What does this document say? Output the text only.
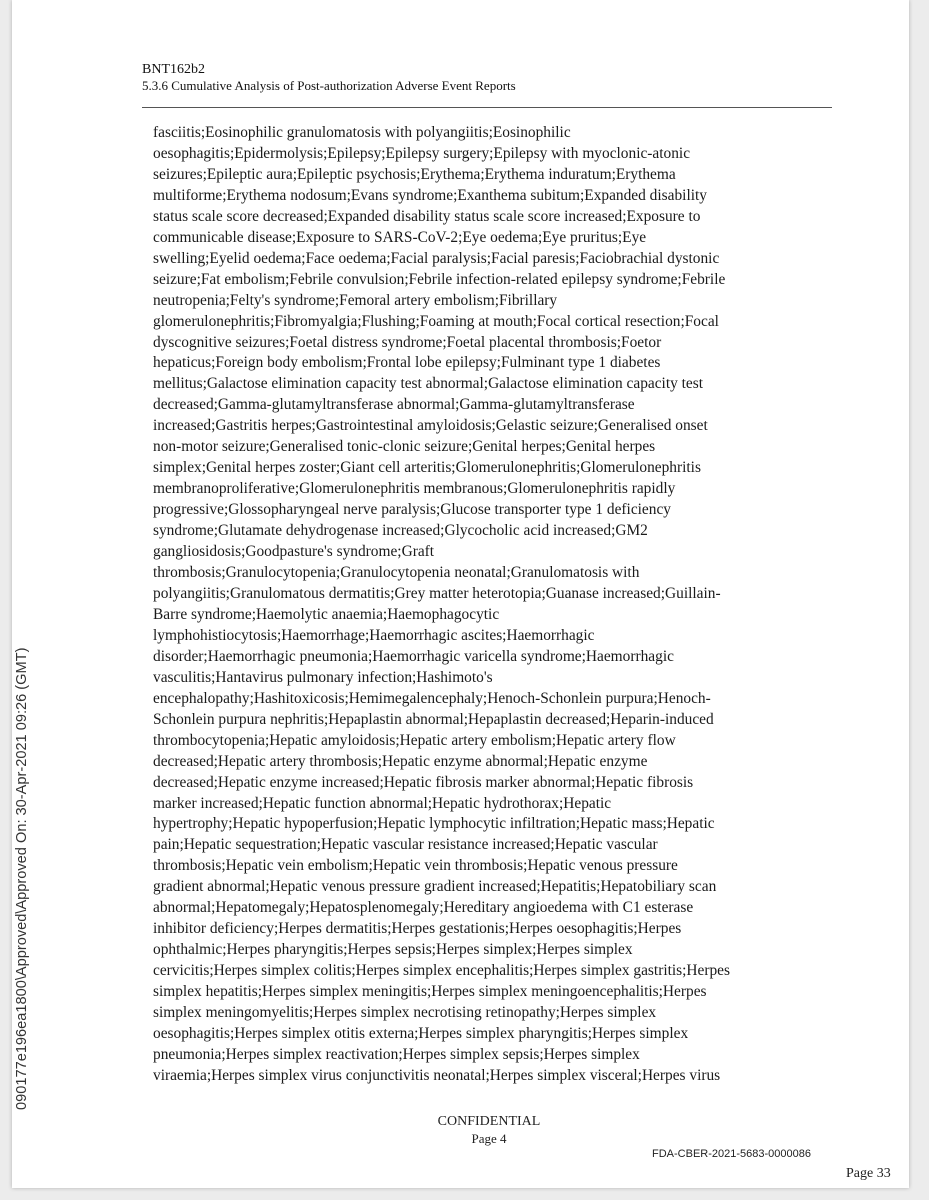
BNT162b2
5.3.6 Cumulative Analysis of Post-authorization Adverse Event Reports
fasciitis;Eosinophilic granulomatosis with polyangiitis;Eosinophilic
oesophagitis;Epidermolysis;Epilepsy;Epilepsy surgery;Epilepsy with myoclonic-atonic
seizures;Epileptic aura;Epileptic psychosis;Erythema;Erythema induratum;Erythema
multiforme;Erythema nodosum;Evans syndrome;Exanthema subitum;Expanded disability
status scale score decreased;Expanded disability status scale score increased;Exposure to
communicable disease;Exposure to SARS-CoV-2;Eye oedema;Eye pruritus;Eye
swelling;Eyelid oedema;Face oedema;Facial paralysis;Facial paresis;Faciobrachial dystonic
seizure;Fat embolism;Febrile convulsion;Febrile infection-related epilepsy syndrome;Febrile
neutropenia;Felty's syndrome;Femoral artery embolism;Fibrillary
glomerulonephritis;Fibromyalgia;Flushing;Foaming at mouth;Focal cortical resection;Focal
dyscognitive seizures;Foetal distress syndrome;Foetal placental thrombosis;Foetor
hepaticus;Foreign body embolism;Frontal lobe epilepsy;Fulminant type 1 diabetes
mellitus;Galactose elimination capacity test abnormal;Galactose elimination capacity test
decreased;Gamma-glutamyltransferase abnormal;Gamma-glutamyltransferase
increased;Gastritis herpes;Gastrointestinal amyloidosis;Gelastic seizure;Generalised onset
non-motor seizure;Generalised tonic-clonic seizure;Genital herpes;Genital herpes
simplex;Genital herpes zoster;Giant cell arteritis;Glomerulonephritis;Glomerulonephritis
membranoproliferative;Glomerulonephritis membranous;Glomerulonephritis rapidly
progressive;Glossopharyngeal nerve paralysis;Glucose transporter type 1 deficiency
syndrome;Glutamate dehydrogenase increased;Glycocholic acid increased;GM2
gangliosidosis;Goodpasture's syndrome;Graft
thrombosis;Granulocytopenia;Granulocytopenia neonatal;Granulomatosis with
polyangiitis;Granulomatous dermatitis;Grey matter heterotopia;Guanase increased;Guillain-
Barre syndrome;Haemolytic anaemia;Haemophagocytic
lymphohistiocytosis;Haemorrhage;Haemorrhagic ascites;Haemorrhagic
disorder;Haemorrhagic pneumonia;Haemorrhagic varicella syndrome;Haemorrhagic
vasculitis;Hantavirus pulmonary infection;Hashimoto's
encephalopathy;Hashitoxicosis;Hemimegalencephaly;Henoch-Schonlein purpura;Henoch-
Schonlein purpura nephritis;Hepaplastin abnormal;Hepaplastin decreased;Heparin-induced
thrombocytopenia;Hepatic amyloidosis;Hepatic artery embolism;Hepatic artery flow
decreased;Hepatic artery thrombosis;Hepatic enzyme abnormal;Hepatic enzyme
decreased;Hepatic enzyme increased;Hepatic fibrosis marker abnormal;Hepatic fibrosis
marker increased;Hepatic function abnormal;Hepatic hydrothorax;Hepatic
hypertrophy;Hepatic hypoperfusion;Hepatic lymphocytic infiltration;Hepatic mass;Hepatic
pain;Hepatic sequestration;Hepatic vascular resistance increased;Hepatic vascular
thrombosis;Hepatic vein embolism;Hepatic vein thrombosis;Hepatic venous pressure
gradient abnormal;Hepatic venous pressure gradient increased;Hepatitis;Hepatobiliary scan
abnormal;Hepatomegaly;Hepatosplenomegaly;Hereditary angioedema with C1 esterase
inhibitor deficiency;Herpes dermatitis;Herpes gestationis;Herpes oesophagitis;Herpes
ophthalmic;Herpes pharyngitis;Herpes sepsis;Herpes simplex;Herpes simplex
cervicitis;Herpes simplex colitis;Herpes simplex encephalitis;Herpes simplex gastritis;Herpes
simplex hepatitis;Herpes simplex meningitis;Herpes simplex meningoencephalitis;Herpes
simplex meningomyelitis;Herpes simplex necrotising retinopathy;Herpes simplex
oesophagitis;Herpes simplex otitis externa;Herpes simplex pharyngitis;Herpes simplex
pneumonia;Herpes simplex reactivation;Herpes simplex sepsis;Herpes simplex
viraemia;Herpes simplex virus conjunctivitis neonatal;Herpes simplex visceral;Herpes virus
CONFIDENTIAL
Page 4
FDA-CBER-2021-5683-0000086
090177e196ea1800\Approved\Approved On: 30-Apr-2021 09:26 (GMT)
Page 33
